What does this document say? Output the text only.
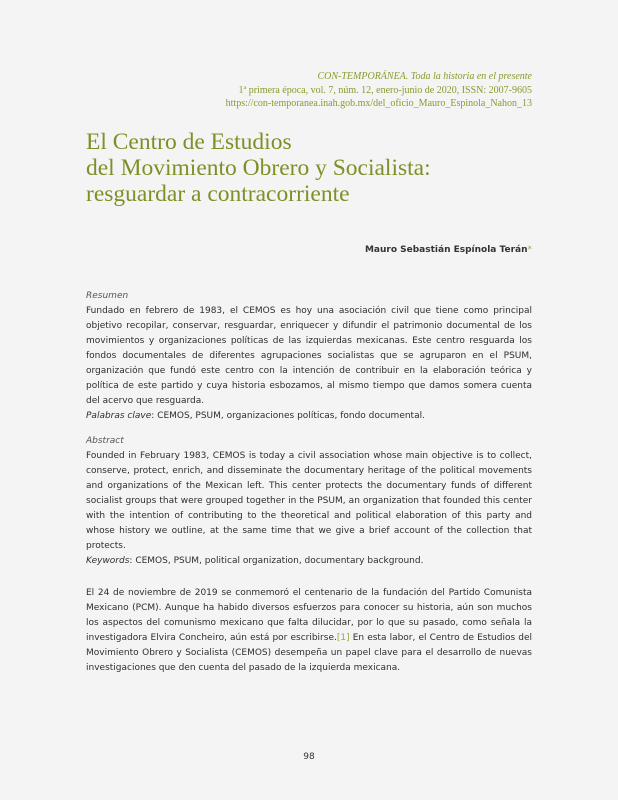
CON-TEMPORÁNEA. Toda la historia en el presente
1ª primera época, vol. 7, núm. 12, enero-junio de 2020, ISSN: 2007-9605
https://con-temporanea.inah.gob.mx/del_oficio_Mauro_Espinola_Nahon_13
El Centro de Estudios
del Movimiento Obrero y Socialista:
resguardar a contracorriente
Mauro Sebastián Espínola Terán*
Resumen

Fundado en febrero de 1983, el CEMOS es hoy una asociación civil que tiene como principal objetivo recopilar, conservar, resguardar, enriquecer y difundir el patrimonio documental de los movimientos y organizaciones políticas de las izquierdas mexicanas. Este centro resguarda los fondos documentales de diferentes agrupaciones socialistas que se agruparon en el PSUM, organización que fundó este centro con la intención de contribuir en la elaboración teórica y política de este partido y cuya historia esbozamos, al mismo tiempo que damos somera cuenta del acervo que resguarda.

Palabras clave: CEMOS, PSUM, organizaciones políticas, fondo documental.

Abstract

Founded in February 1983, CEMOS is today a civil association whose main objective is to collect, conserve, protect, enrich, and disseminate the documentary heritage of the political movements and organizations of the Mexican left. This center protects the documentary funds of different socialist groups that were grouped together in the PSUM, an organization that founded this center with the intention of contributing to the theoretical and political elaboration of this party and whose history we outline, at the same time that we give a brief account of the collection that protects.

Keywords: CEMOS, PSUM, political organization, documentary background.

El 24 de noviembre de 2019 se conmemoró el centenario de la fundación del Partido Comunista Mexicano (PCM). Aunque ha habido diversos esfuerzos para conocer su historia, aún son muchos los aspectos del comunismo mexicano que falta dilucidar, por lo que su pasado, como señala la investigadora Elvira Concheiro, aún está por escribirse.[1] En esta labor, el Centro de Estudios del Movimiento Obrero y Socialista (CEMOS) desempeña un papel clave para el desarrollo de nuevas investigaciones que den cuenta del pasado de la izquierda mexicana.

98
